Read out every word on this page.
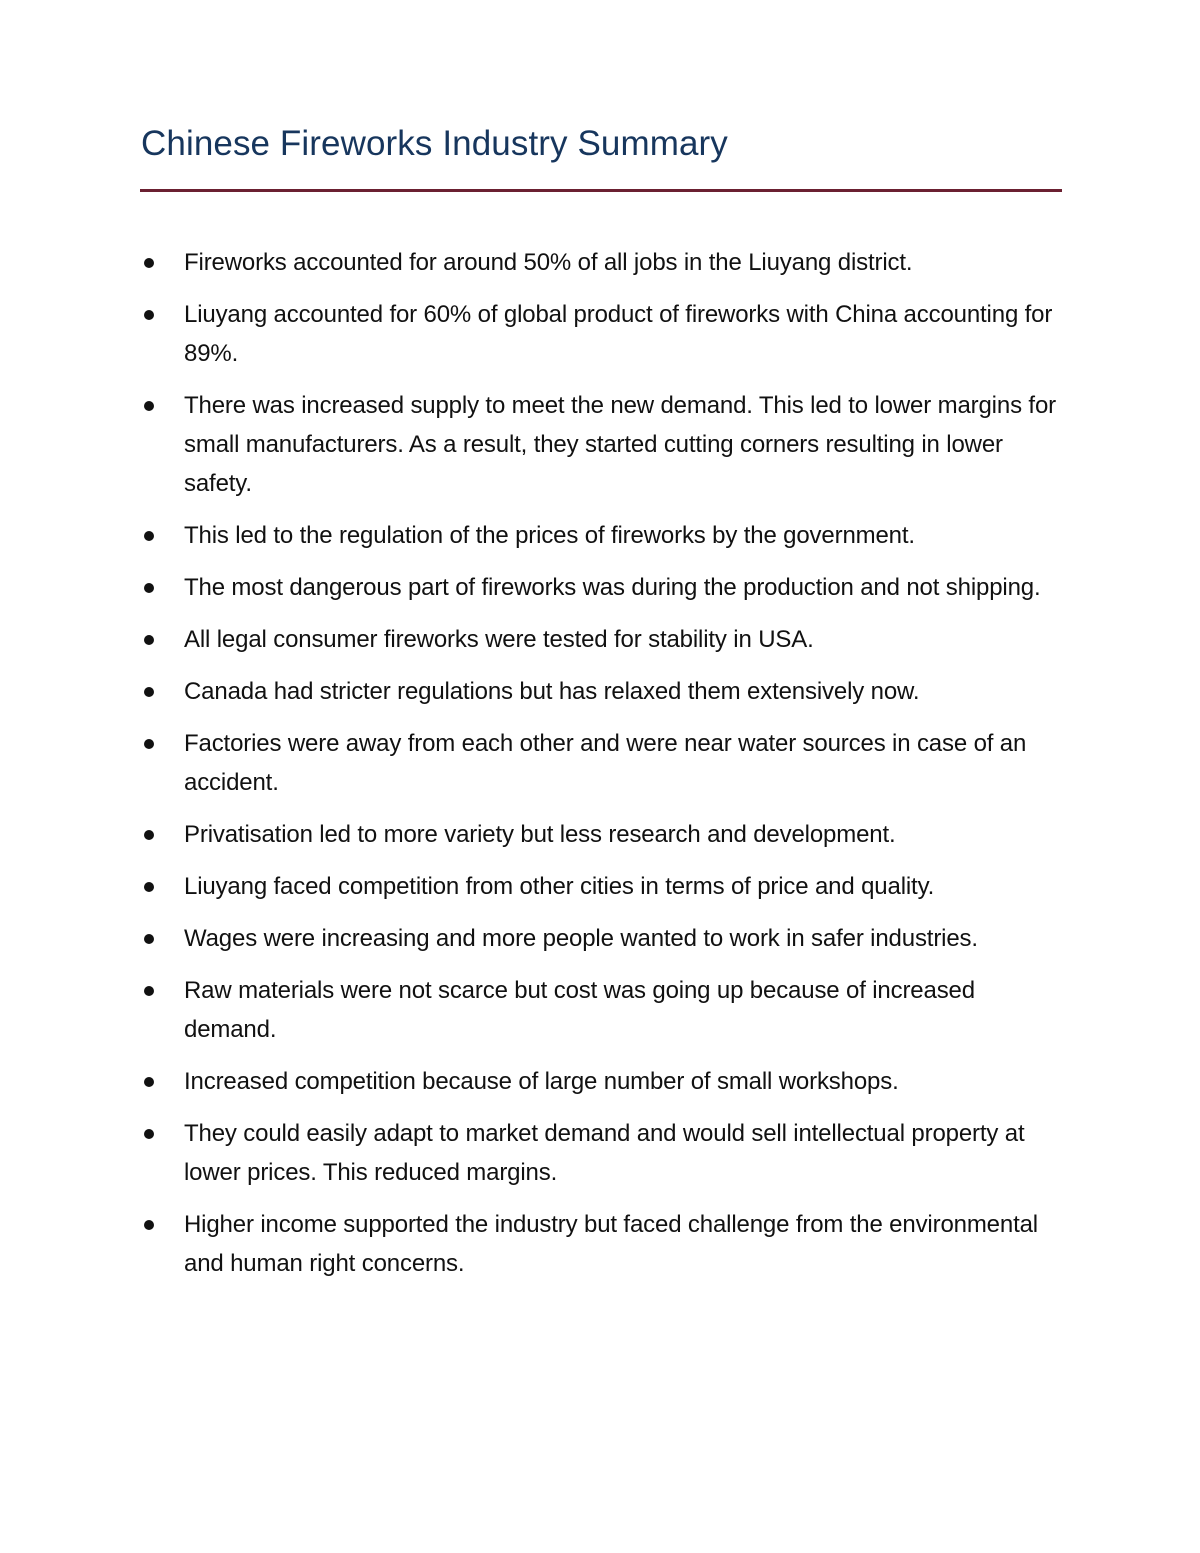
Chinese Fireworks Industry Summary
Fireworks accounted for around 50% of all jobs in the Liuyang district.
Liuyang accounted for 60% of global product of fireworks with China accounting for 89%.
There was increased supply to meet the new demand. This led to lower margins for small manufacturers. As a result, they started cutting corners resulting in lower safety.
This led to the regulation of the prices of fireworks by the government.
The most dangerous part of fireworks was during the production and not shipping.
All legal consumer fireworks were tested for stability in USA.
Canada had stricter regulations but has relaxed them extensively now.
Factories were away from each other and were near water sources in case of an accident.
Privatisation led to more variety but less research and development.
Liuyang faced competition from other cities in terms of price and quality.
Wages were increasing and more people wanted to work in safer industries.
Raw materials were not scarce but cost was going up because of increased demand.
Increased competition because of large number of small workshops.
They could easily adapt to market demand and would sell intellectual property at lower prices. This reduced margins.
Higher income supported the industry but faced challenge from the environmental and human right concerns.
